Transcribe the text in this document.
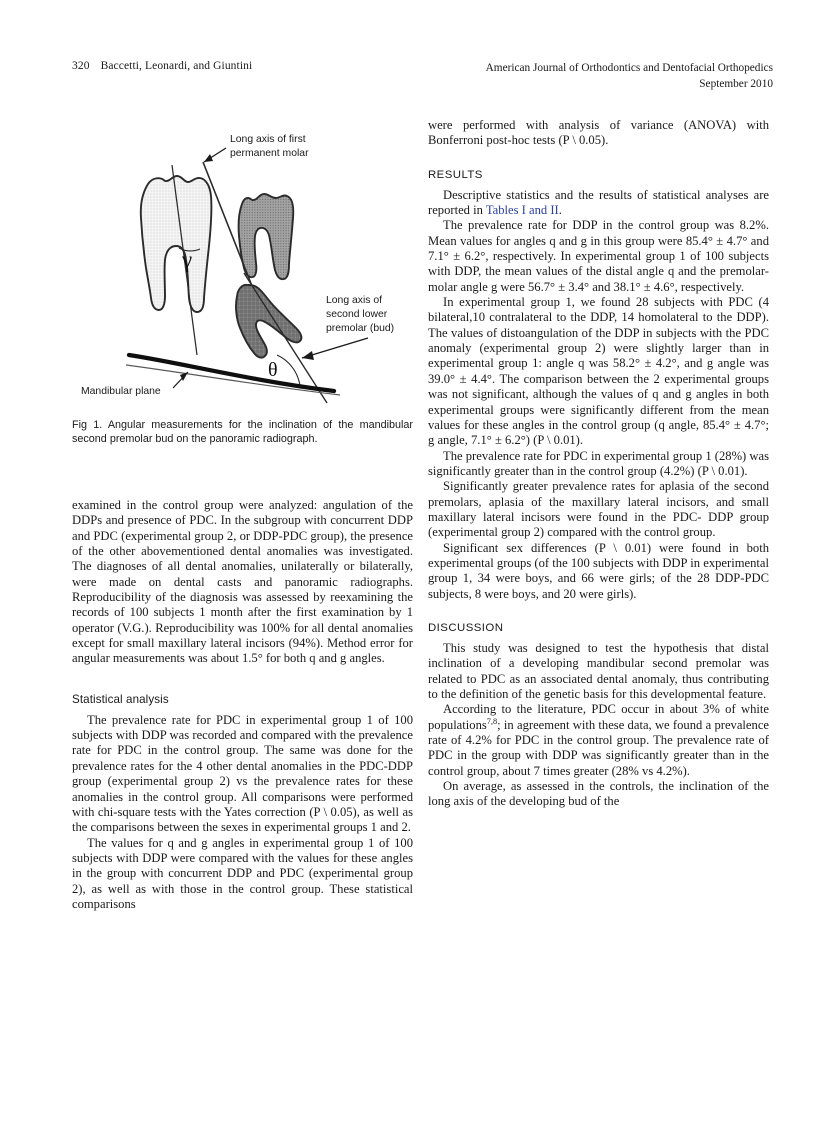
320 Baccetti, Leonardi, and Giuntini	American Journal of Orthodontics and Dentofacial Orthopedics
September 2010
Long axis of first
permanent molar
γ
θ
Mandibular plane
Long axis of
second lower
premolar (bud)

Fig 1. Angular measurements for the inclination of the mandibular second premolar bud on the panoramic radiograph.

examined in the control group were analyzed: angulation of the DDPs and presence of PDC. In the subgroup with concurrent DDP and PDC (experimental group 2, or DDP-PDC group), the presence of the other abovementioned dental anomalies was investigated. The diagnoses of all dental anomalies, unilaterally or bilaterally, were made on dental casts and panoramic radiographs. Reproducibility of the diagnosis was assessed by reexamining the records of 100 subjects 1 month after the first examination by 1 operator (V.G.). Reproducibility was 100% for all dental anomalies except for small maxillary lateral incisors (94%). Method error for angular measurements was about 1.5° for both q and g angles.

Statistical analysis

The prevalence rate for PDC in experimental group 1 of 100 subjects with DDP was recorded and compared with the prevalence rate for PDC in the control group. The same was done for the prevalence rates for the 4 other dental anomalies in the PDC-DDP group (experimental group 2) vs the prevalence rates for these anomalies in the control group. All comparisons were performed with chi-square tests with the Yates correction (P \ 0.05), as well as the comparisons between the sexes in experimental groups 1 and 2.

The values for q and g angles in experimental group 1 of 100 subjects with DDP were compared with the values for these angles in the group with concurrent DDP and PDC (experimental group 2), as well as with those in the control group. These statistical comparisons

were performed with analysis of variance (ANOVA) with Bonferroni post-hoc tests (P \ 0.05).

RESULTS

Descriptive statistics and the results of statistical analyses are reported in Tables I and II.

The prevalence rate for DDP in the control group was 8.2%. Mean values for angles q and g in this group were 85.4° ± 4.7° and 7.1° ± 6.2°, respectively. In experimental group 1 of 100 subjects with DDP, the mean values of the distal angle q and the premolar-molar angle g were 56.7° ± 3.4° and 38.1° ± 4.6°, respectively.

In experimental group 1, we found 28 subjects with PDC (4 bilateral,10 contralateral to the DDP, 14 homolateral to the DDP). The values of distoangulation of the DDP in subjects with the PDC anomaly (experimental group 2) were slightly larger than in experimental group 1: angle q was 58.2° ± 4.2°, and g angle was 39.0° ± 4.4°. The comparison between the 2 experimental groups was not significant, although the values of q and g angles in both experimental groups were significantly different from the mean values for these angles in the control group (q angle, 85.4° ± 4.7°; g angle, 7.1° ± 6.2°) (P \ 0.01).

The prevalence rate for PDC in experimental group 1 (28%) was significantly greater than in the control group (4.2%) (P \ 0.01).

Significantly greater prevalence rates for aplasia of the second premolars, aplasia of the maxillary lateral incisors, and small maxillary lateral incisors were found in the PDC- DDP group (experimental group 2) compared with the control group.

Significant sex differences (P \ 0.01) were found in both experimental groups (of the 100 subjects with DDP in experimental group 1, 34 were boys, and 66 were girls; of the 28 DDP-PDC subjects, 8 were boys, and 20 were girls).

DISCUSSION

This study was designed to test the hypothesis that distal inclination of a developing mandibular second premolar was related to PDC as an associated dental anomaly, thus contributing to the definition of the genetic basis for this developmental feature.

According to the literature, PDC occur in about 3% of white populations$^{7,8}$; in agreement with these data, we found a prevalence rate of 4.2% for PDC in the control group. The prevalence rate of PDC in the group with DDP was significantly greater than in the control group, about 7 times greater (28% vs 4.2%).

On average, as assessed in the controls, the inclination of the long axis of the developing bud of the
